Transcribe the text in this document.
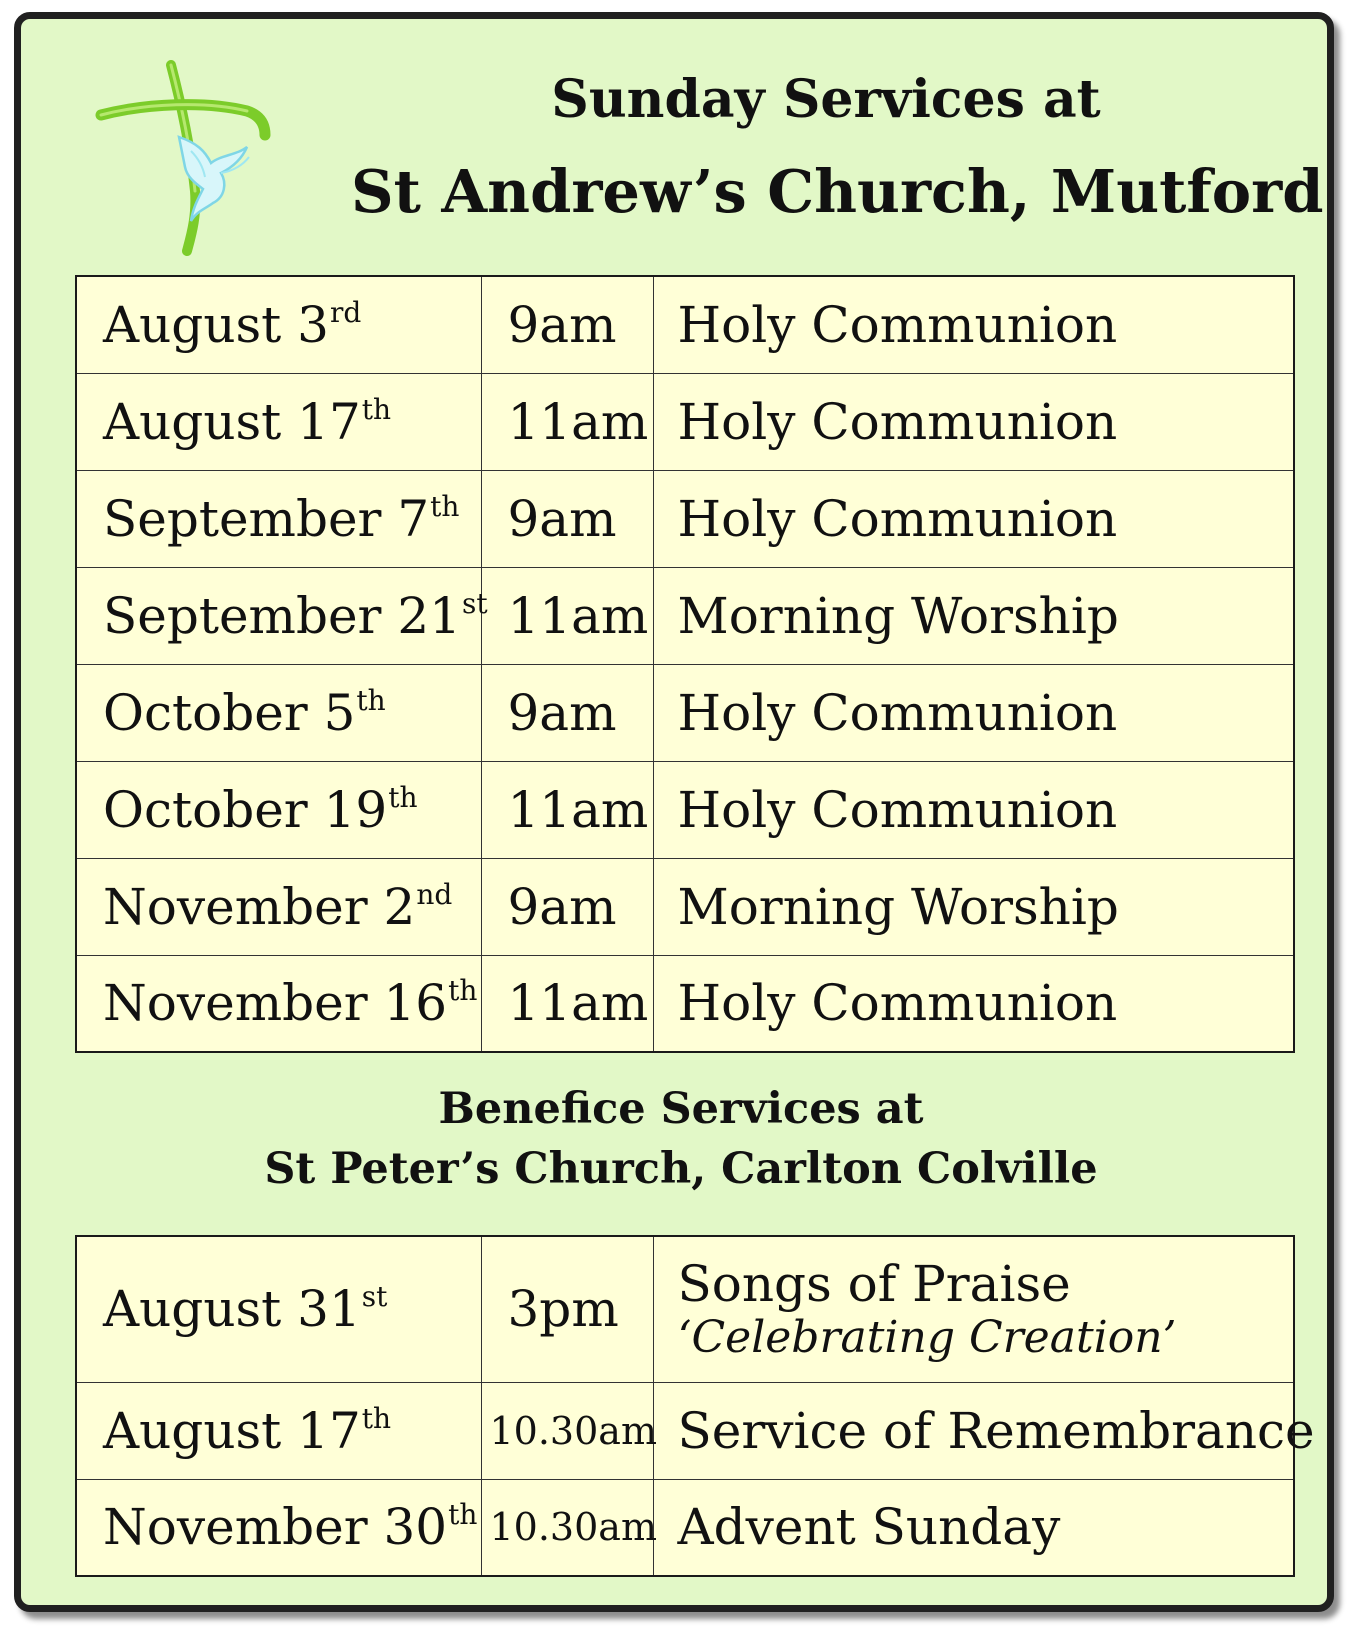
Sunday Services at
St Andrew’s Church, Mutford
August 3rd	9am	Holy Communion
August 17th	11am	Holy Communion
September 7th	9am	Holy Communion
September 21st	11am	Morning Worship
October 5th	9am	Holy Communion
October 19th	11am	Holy Communion
November 2nd	9am	Morning Worship
November 16th	11am	Holy Communion
Benefice Services at
St Peter’s Church, Carlton Colville
August 31st	3pm	Songs of Praise
‘Celebrating Creation’

August 17th	10.30am	Service of Remembrance
November 30th	10.30am	Advent Sunday
